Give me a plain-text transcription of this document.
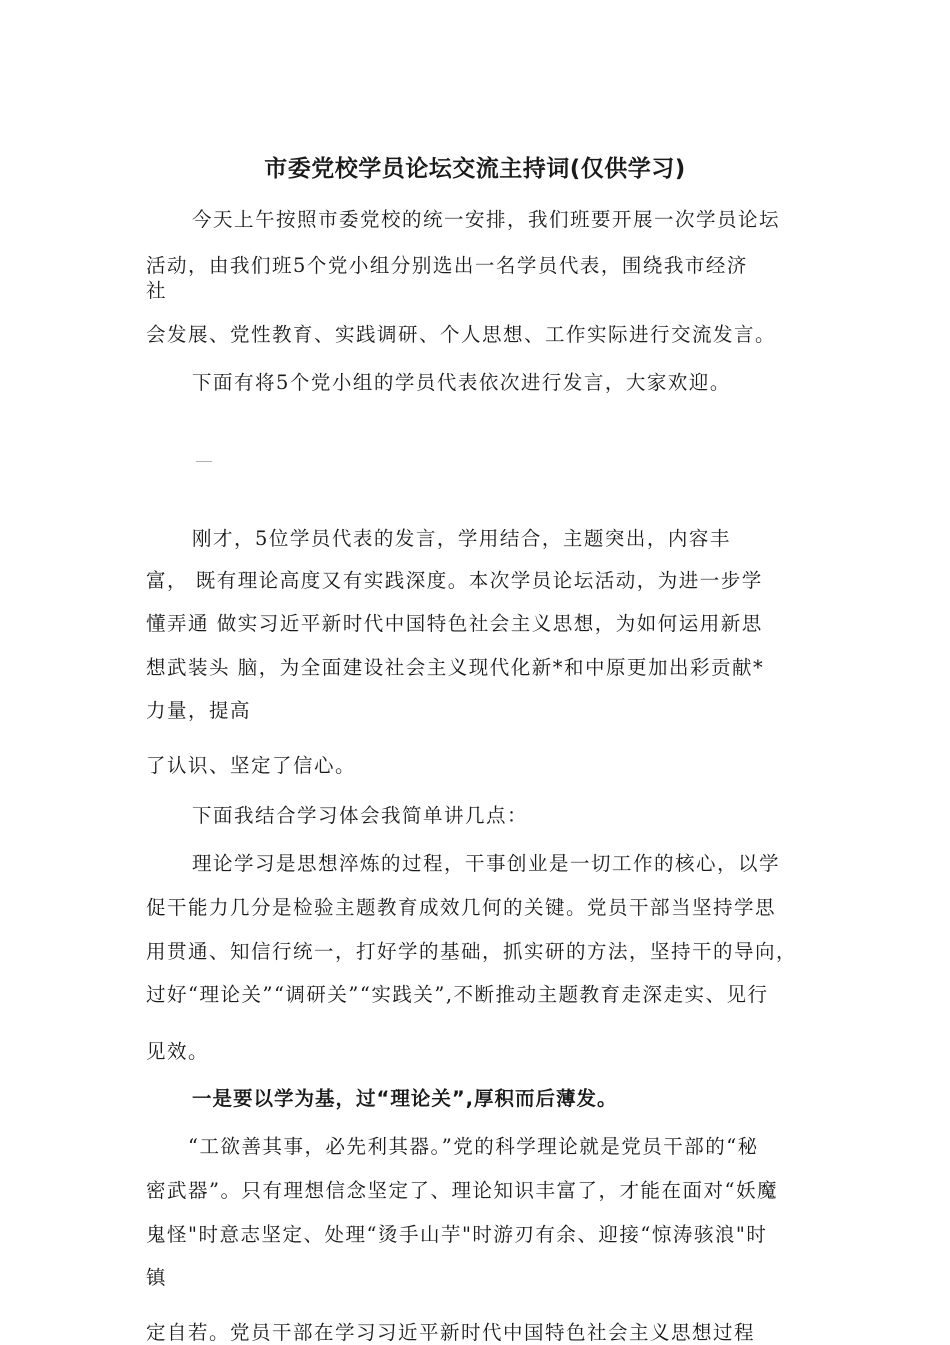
市委党校学员论坛交流主持词(仅供学习)
今天上午按照市委党校的统一安排，我们班要开展一次学员论坛
活动，由我们班5个党小组分别选出一名学员代表，围绕我市经济
社
会发展、党性教育、实践调研、个人思想、工作实际进行交流发言。
下面有将5个党小组的学员代表依次进行发言，大家欢迎。
刚才，5位学员代表的发言，学用结合，主题突出，内容丰
富， 既有理论高度又有实践深度。本次学员论坛活动，为进一步学
懂弄通 做实习近平新时代中国特色社会主义思想，为如何运用新思
想武装头 脑，为全面建设社会主义现代化新*和中原更加出彩贡献*
力量，提高
了认识、坚定了信心。
下面我结合学习体会我简单讲几点：
理论学习是思想淬炼的过程，干事创业是一切工作的核心，以学
促干能力几分是检验主题教育成效几何的关键。党员干部当坚持学思
用贯通、知信行统一，打好学的基础，抓实研的方法，坚持干的导向，
过好“理论关”“调研关”“实践关”,不断推动主题教育走深走实、见行
见效。
一是要以学为基，过“理论关”,厚积而后薄发。
“工欲善其事，必先利其器。”党的科学理论就是党员干部的“秘
密武器”。只有理想信念坚定了、理论知识丰富了，才能在面对“妖魔
鬼怪"时意志坚定、处理“烫手山芋"时游刃有余、迎接“惊涛骇浪"时
镇
定自若。党员干部在学习习近平新时代中国特色社会主义思想过程
